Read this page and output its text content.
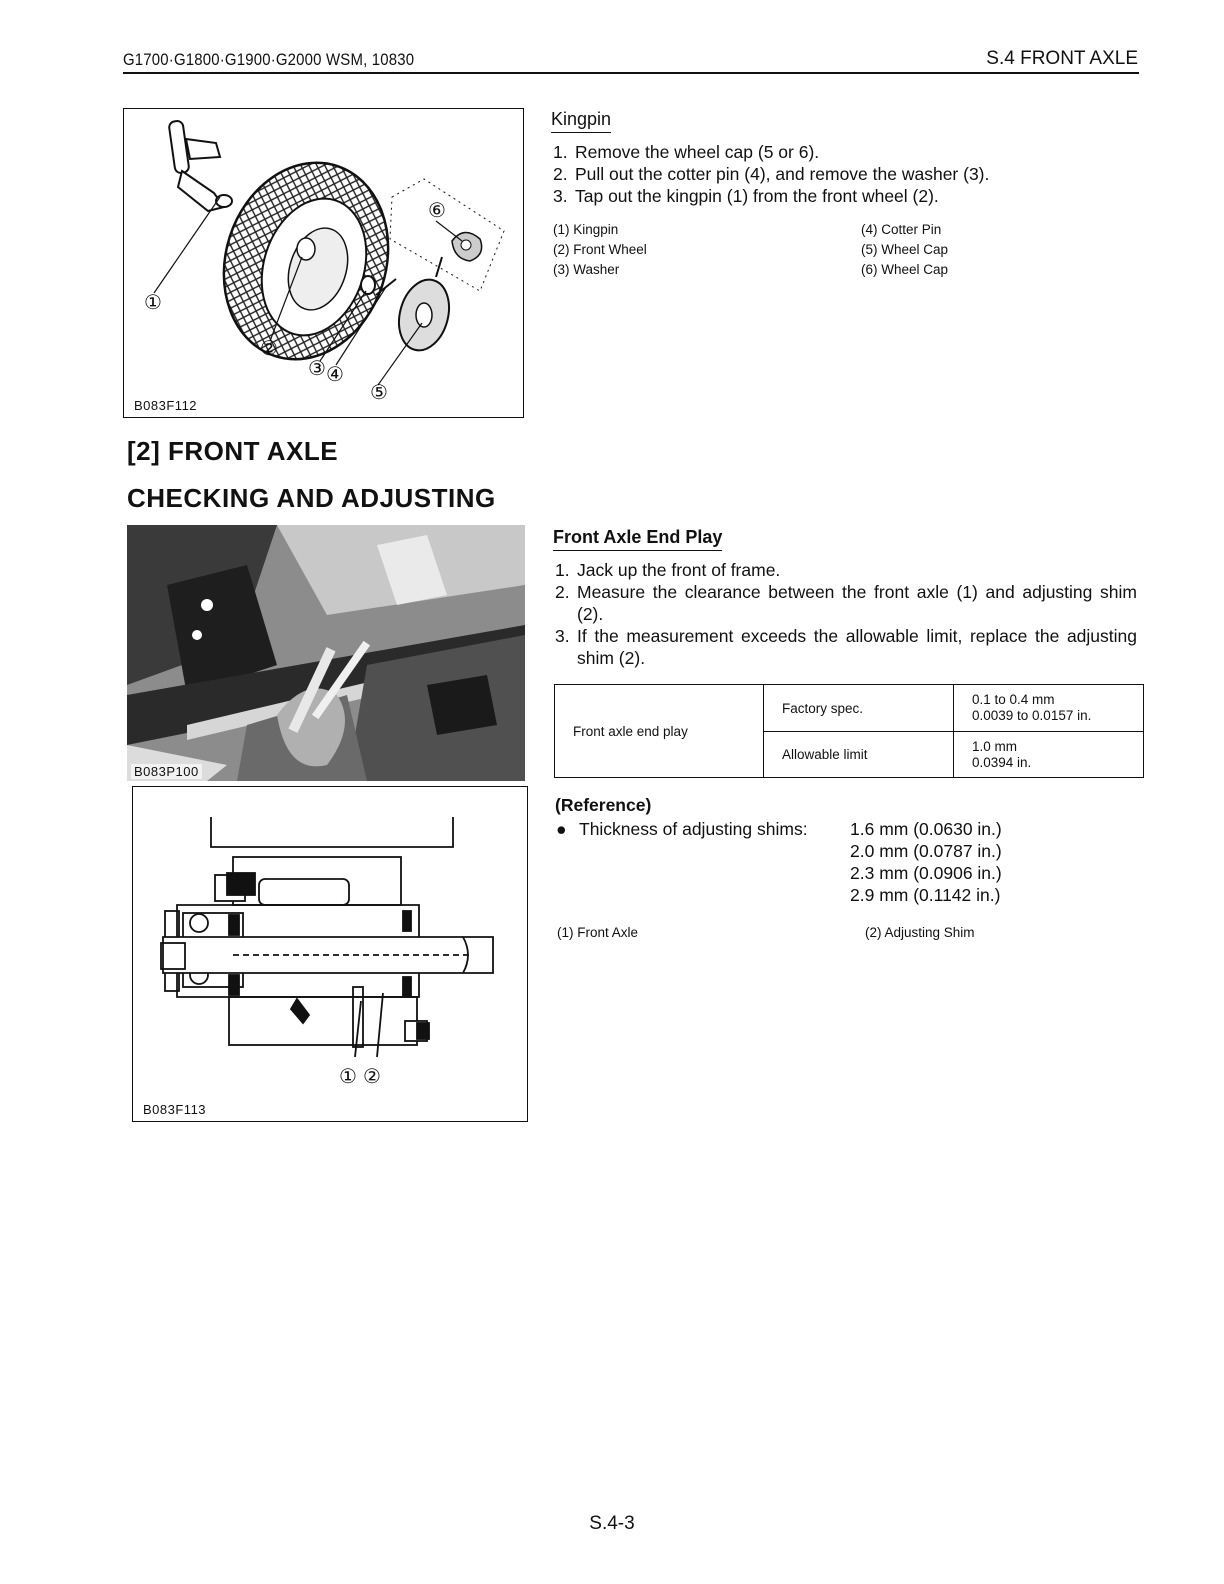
G1700·G1800·G1900·G2000 WSM, 10830	S.4 FRONT AXLE
①
②
③ ④
⑤
⑥
B083F112
Kingpin
1. Remove the wheel cap (5 or 6).
2. Pull out the cotter pin (4), and remove the washer (3).
3. Tap out the kingpin (1) from the front wheel (2).
(1) Kingpin	(4) Cotter Pin
(2) Front Wheel	(5) Wheel Cap
(3) Washer	(6) Wheel Cap
[2] FRONT AXLE
CHECKING AND ADJUSTING
B083P100
① ②
B083F113
Front Axle End Play
1. Jack up the front of frame.
2. Measure the clearance between the front axle (1) and adjusting shim (2).
3. If the measurement exceeds the allowable limit, replace the adjusting shim (2).
Front axle end play	Factory spec.	0.1 to 0.4 mm
0.0039 to 0.0157 in.

	Allowable limit	1.0 mm
0.0394 in.
(Reference)
● Thickness of adjusting shims: 1.6 mm (0.0630 in.)
2.0 mm (0.0787 in.)
2.3 mm (0.0906 in.)
2.9 mm (0.1142 in.)
(1) Front Axle	(2) Adjusting Shim
S.4-3
